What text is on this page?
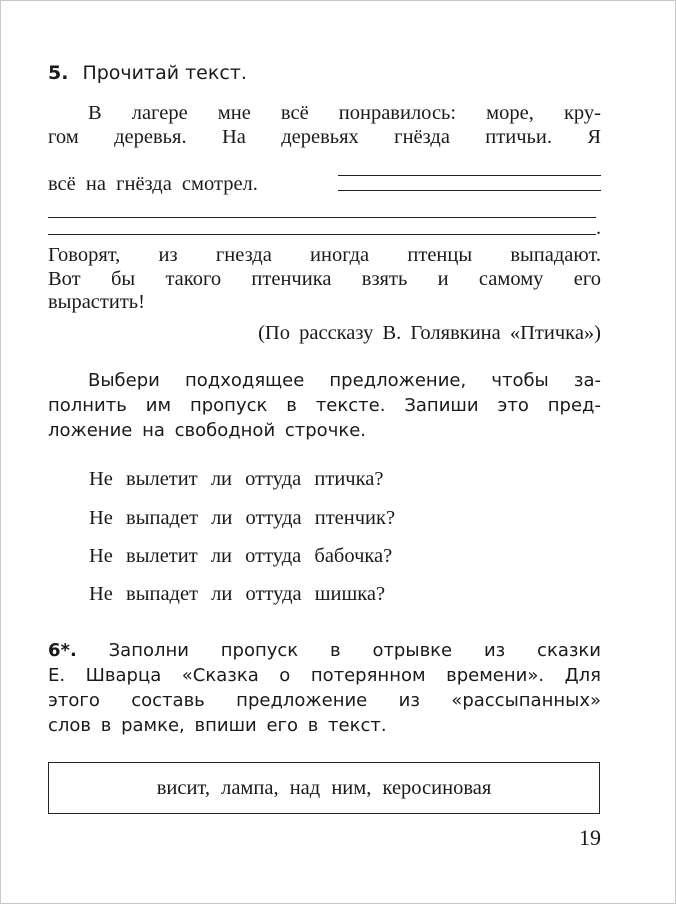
5. Прочитай текст.
В лагере мне всё понравилось: море, кру-
гом деревья. На деревьях гнёзда птичьи. Я
всё на гнёзда смотрел.
.
Говорят, из гнезда иногда птенцы выпадают.
Вот бы такого птенчика взять и самому его
вырастить!
(По рассказу В. Голявкина «Птичка»)
Выбери подходящее предложение, чтобы за-
полнить им пропуск в тексте. Запиши это пред-
ложение на свободной строчке.
Не вылетит ли оттуда птичка?
Не выпадет ли оттуда птенчик?
Не вылетит ли оттуда бабочка?
Не выпадет ли оттуда шишка?
6*. Заполни пропуск в отрывке из сказки
Е. Шварца «Сказка о потерянном времени». Для
этого составь предложение из «рассыпанных»
слов в рамке, впиши его в текст.
висит, лампа, над ним, керосиновая
19
